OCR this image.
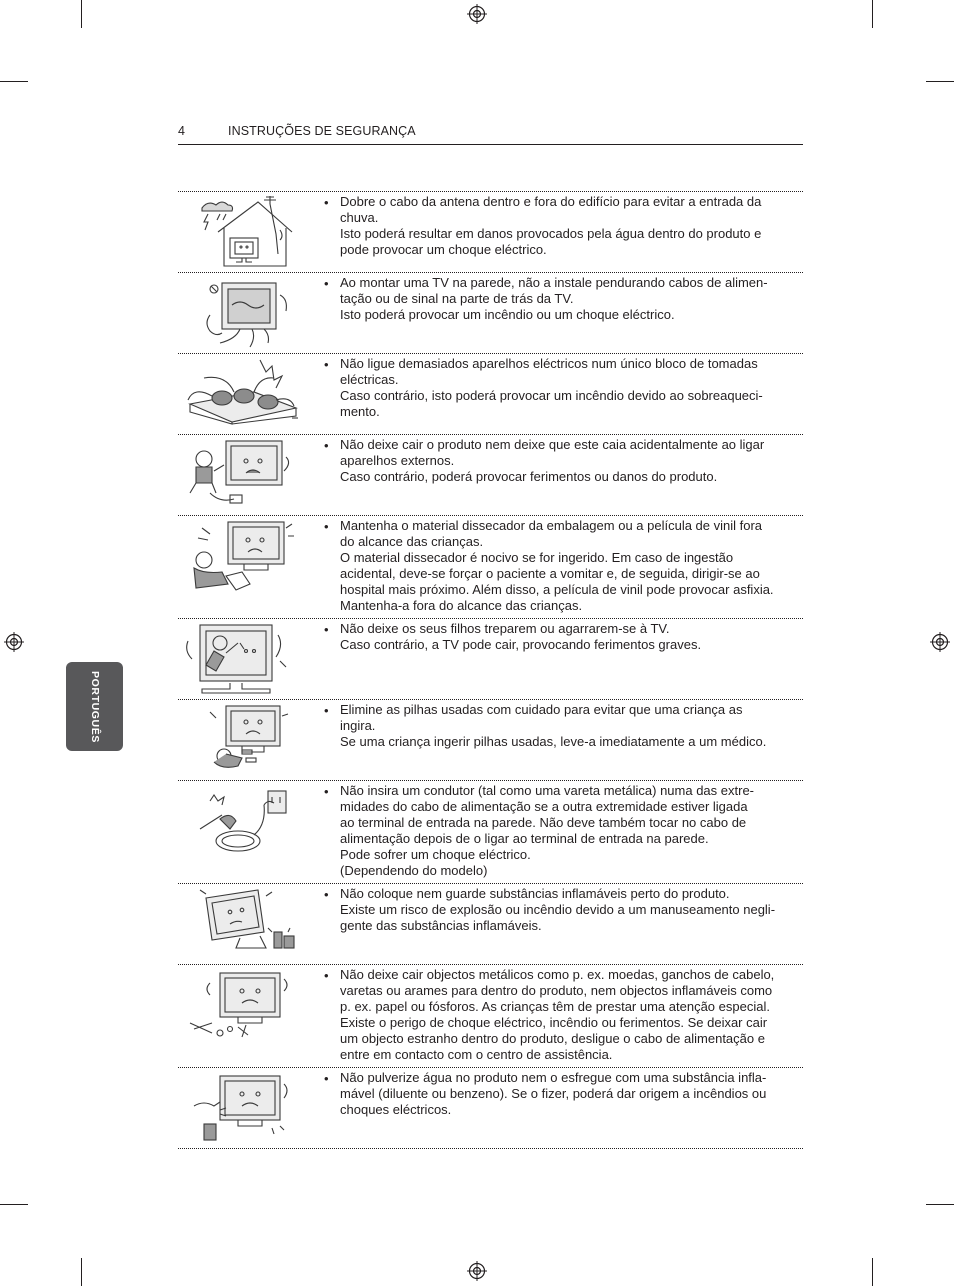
4	INSTRUÇÕES DE SEGURANÇA
PORTUGUÊS
• Dobre o cabo da antena dentro e fora do edifício para evitar a entrada da

chuva.

Isto poderá resultar em danos provocados pela água dentro do produto e

pode provocar um choque eléctrico.

• Ao montar uma TV na parede, não a instale pendurando cabos de alimen-

tação ou de sinal na parte de trás da TV.

Isto poderá provocar um incêndio ou um choque eléctrico.

• Não ligue demasiados aparelhos eléctricos num único bloco de tomadas

eléctricas.

Caso contrário, isto poderá provocar um incêndio devido ao sobreaqueci-

mento.

• Não deixe cair o produto nem deixe que este caia acidentalmente ao ligar

aparelhos externos.

Caso contrário, poderá provocar ferimentos ou danos do produto.

• Mantenha o material dissecador da embalagem ou a película de vinil fora

do alcance das crianças.

O material dissecador é nocivo se for ingerido. Em caso de ingestão

acidental, deve-se forçar o paciente a vomitar e, de seguida, dirigir-se ao

hospital mais próximo. Além disso, a película de vinil pode provocar asfixia.

Mantenha-a fora do alcance das crianças.

• Não deixe os seus filhos treparem ou agarrarem-se à TV.

Caso contrário, a TV pode cair, provocando ferimentos graves.

• Elimine as pilhas usadas com cuidado para evitar que uma criança as

ingira.

Se uma criança ingerir pilhas usadas, leve-a imediatamente a um médico.

• Não insira um condutor (tal como uma vareta metálica) numa das extre-

midades do cabo de alimentação se a outra extremidade estiver ligada

ao terminal de entrada na parede. Não deve também tocar no cabo de

alimentação depois de o ligar ao terminal de entrada na parede.

Pode sofrer um choque eléctrico.

(Dependendo do modelo)

• Não coloque nem guarde substâncias inflamáveis perto do produto.

Existe um risco de explosão ou incêndio devido a um manuseamento negli-

gente das substâncias inflamáveis.

• Não deixe cair objectos metálicos como p. ex. moedas, ganchos de cabelo,

varetas ou arames para dentro do produto, nem objectos inflamáveis como

p. ex. papel ou fósforos. As crianças têm de prestar uma atenção especial.

Existe o perigo de choque eléctrico, incêndio ou ferimentos. Se deixar cair

um objecto estranho dentro do produto, desligue o cabo de alimentação e

entre em contacto com o centro de assistência.

• Não pulverize água no produto nem o esfregue com uma substância infla-

mável (diluente ou benzeno). Se o fizer, poderá dar origem a incêndios ou

choques eléctricos.
